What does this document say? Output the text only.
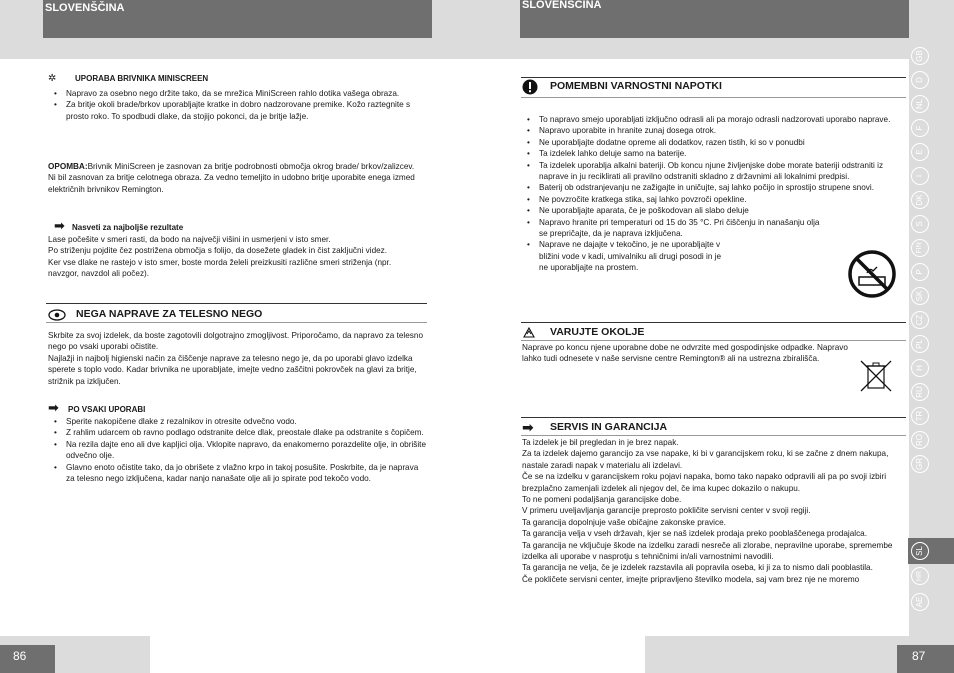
SLOVENŠČINA	SLOVENŠČINA
86	87
✲ UPORABA BRIVNIKA MINISCREEN
• Napravo za osebno nego držite tako, da se mrežica MiniScreen rahlo dotika vašega obraza.
• Za britje okoli brade/brkov uporabljajte kratke in dobro nadzorovane premike. Kožo raztegnite s prosto roko. To spodbudi dlake, da stojijo pokonci, da je britje lažje.

OPOMBA:Brivnik MiniScreen je zasnovan za britje podrobnosti območja okrog brade/ brkov/zalizcev. Ni bil zasnovan za britje celotnega obraza. Za vedno temeljito in udobno britje uporabite enega izmed električnih brivnikov Remington.

➡ Nasveti za najboljše rezultate

Lase počešite v smeri rasti, da bodo na največji višini in usmerjeni v isto smer.

Po striženju pojdite čez postriženа območja s folijo, da dosežete gladek in čist zaključni videz.

Ker vse dlake ne rastejo v isto smer, boste morda želeli preizkusiti različne smeri striženja (npr. navzgor, navzdol ali počez).

NEGA NAPRAVE ZA TELESNO NEGO

Skrbite za svoj izdelek, da boste zagotovili dolgotrajno zmogljivost. Priporočamo, da napravo za telesno nego po vsaki uporabi očistite.

Najlažji in najbolj higienski način za čiščenje naprave za telesno nego je, da po uporabi glavo izdelka sperete s toplo vodo. Kadar brivnika ne uporabljate, imejte vedno zaščitni pokrovček na glavi za britje, strižnik pa izključen.

➡ PO VSAKI UPORABI
• Sperite nakopičene dlake z rezalnikov in otresite odvečno vodo.
• Z rahlim udarcem ob ravno podlago odstranite delce dlak, preostale dlake pa odstranite s čopičem.
• Na rezila dajte eno ali dve kapljici olja. Vklopite napravo, da enakomerno porazdelite olje, in obrišite odvečno olje.
• Glavno enoto očistite tako, da jo obrišete z vlažno krpo in takoj posušite. Poskrbite, da je naprava za telesno nego izključena, kadar nanjo nanašate olje ali jo spirate pod tekočo vodo.
POMEMBNI VARNOSTNI NAPOTKI
• To napravo smejo uporabljati izključno odrasli ali pa morajo odrasli nadzorovati uporabo naprave.
• Napravo uporabite in hranite zunaj dosega otrok.
• Ne uporabljajte dodatne opreme ali dodatkov, razen tistih, ki so v ponudbi
• Ta izdelek lahko deluje samo na baterije.
• Ta izdelek uporablja alkalni bateriji. Ob koncu njune življenjske dobe morate bateriji odstraniti iz naprave in ju reciklirati ali pravilno odstraniti skladno z državnimi ali lokalnimi predpisi.
• Baterij ob odstranjevanju ne zažigajte in uničujte, saj lahko počijo in sprostijo strupene snovi.
• Ne povzročite kratkega stika, saj lahko povzroči opekline.
• Ne uporabljajte aparata, če je poškodovan ali slabo deluje
• Napravo hranite pri temperaturi od 15 do 35 °C. Pri čiščenju in nanašanju olja se prepričajte, da je naprava izključena.
• Naprave ne dajajte v tekočino, je ne uporabljajte v bližini vode v kadi, umivalniku ali drugi posodi in je ne uporabljajte na prostem.
VARUJTE OKOLJE

Naprave po koncu njene uporabne dobe ne odvrzite med gospodinjske odpadke. Napravo lahko tudi odnesete v naše servisne centre Remington® ali na ustrezna zbirališča.

➡ SERVIS IN GARANCIJA

Ta izdelek je bil pregledan in je brez napak.

Za ta izdelek dajemo garancijo za vse napake, ki bi v garancijskem roku, ki se začne z dnem nakupa, nastale zaradi napak v materialu ali izdelavi.

Če se na izdelku v garancijskem roku pojavi napaka, bomo tako napako odpravili ali pa po svoji izbiri brezplačno zamenjali izdelek ali njegov del, če ima kupec dokazilo o nakupu.

To ne pomeni podaljšanja garancijske dobe.

V primeru uveljavljanja garancije preprosto pokličite servisni center v svoji regiji.

Ta garancija dopolnjuje vaše običajne zakonske pravice.

Ta garancija velja v vseh državah, kjer se naš izdelek prodaja preko pooblaščenega prodajalca.

Ta garancija ne vključuje škode na izdelku zaradi nesreče ali zlorabe, nepravilne uporabe, spremembe izdelka ali uporabe v nasprotju s tehničnimi in/ali varnostnimi navodili.

Ta garancija ne velja, če je izdelek razstavila ali popravila oseba, ki ji za to nismo dali pooblastila.

Če pokličete servisni center, imejte pripravljeno številko modela, saj vam brez nje ne moremo

GB
D
NL
F
E
I
DK
S
FIN
P
SK
CZ
PL
H
RU
TR
RO
GR
SL
HR
AE
